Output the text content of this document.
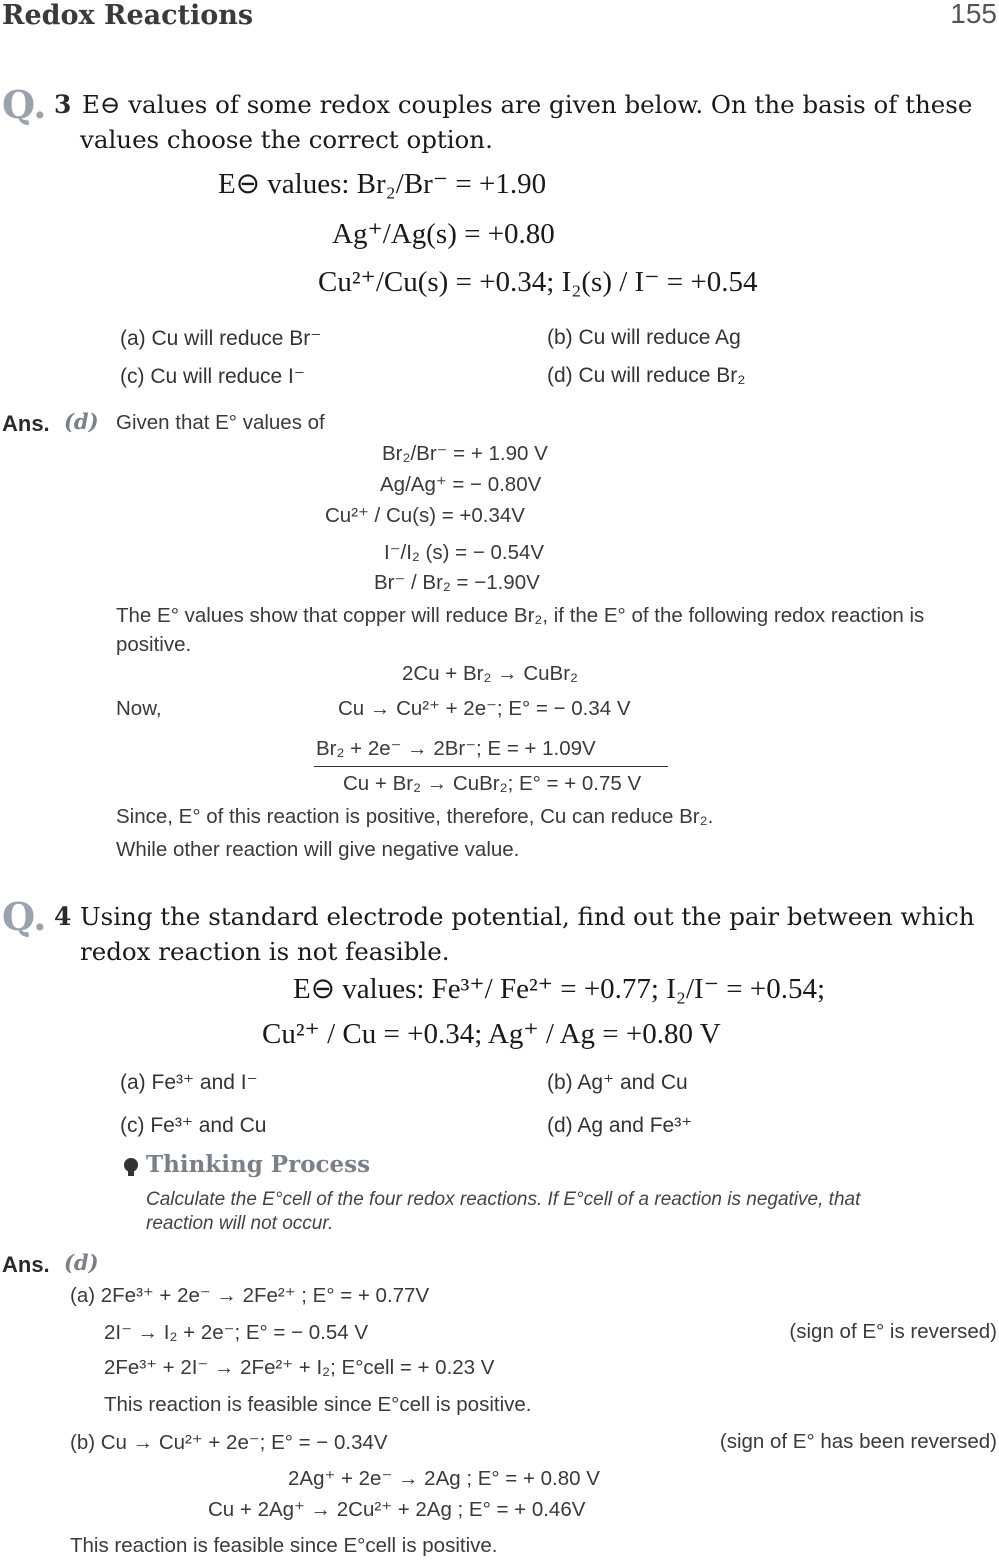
Redox Reactions	155
Q. 3 E⊖ values of some redox couples are given below. On the basis of these
values choose the correct option.
E⊖ values: Br₂/Br⁻ = +1.90
Ag⁺/Ag(s) = +0.80
Cu²⁺/Cu(s) = +0.34; I₂(s) / I⁻ = +0.54
(a) Cu will reduce Br⁻	(b) Cu will reduce Ag
(c) Cu will reduce I⁻	(d) Cu will reduce Br₂
Ans. (d) Given that E° values of
Br₂/Br⁻ = + 1.90 V
Ag/Ag⁺ = − 0.80V
Cu²⁺ / Cu(s) = +0.34V
I⁻/I₂ (s) = − 0.54V
Br⁻ / Br₂ = −1.90V
The E° values show that copper will reduce Br₂, if the E° of the following redox reaction is
positive.
2Cu + Br₂ → CuBr₂
Now,	Cu → Cu²⁺ + 2e⁻; E° = − 0.34 V
Br₂ + 2e⁻ → 2Br⁻; E = + 1.09V
Cu + Br₂ → CuBr₂; E° = + 0.75 V
Since, E° of this reaction is positive, therefore, Cu can reduce Br₂.
While other reaction will give negative value.
Q. 4 Using the standard electrode potential, find out the pair between which
redox reaction is not feasible.
E⊖ values: Fe³⁺/ Fe²⁺ = +0.77; I₂/I⁻ = +0.54;
Cu²⁺ / Cu = +0.34; Ag⁺ / Ag = +0.80 V
(a) Fe³⁺ and I⁻	(b) Ag⁺ and Cu
(c) Fe³⁺ and Cu	(d) Ag and Fe³⁺
Thinking Process
Calculate the E°cell of the four redox reactions. If E°cell of a reaction is negative, that
reaction will not occur.
Ans. (d)
(a) 2Fe³⁺ + 2e⁻ → 2Fe²⁺ ; E° = + 0.77V
2I⁻ → I₂ + 2e⁻; E° = − 0.54 V	(sign of E° is reversed)
2Fe³⁺ + 2I⁻ → 2Fe²⁺ + I₂; E°cell = + 0.23 V
This reaction is feasible since E°cell is positive.
(b) Cu → Cu²⁺ + 2e⁻; E° = − 0.34V	(sign of E° has been reversed)
2Ag⁺ + 2e⁻ → 2Ag ; E° = + 0.80 V
Cu + 2Ag⁺ → 2Cu²⁺ + 2Ag ; E° = + 0.46V
This reaction is feasible since E°cell is positive.
